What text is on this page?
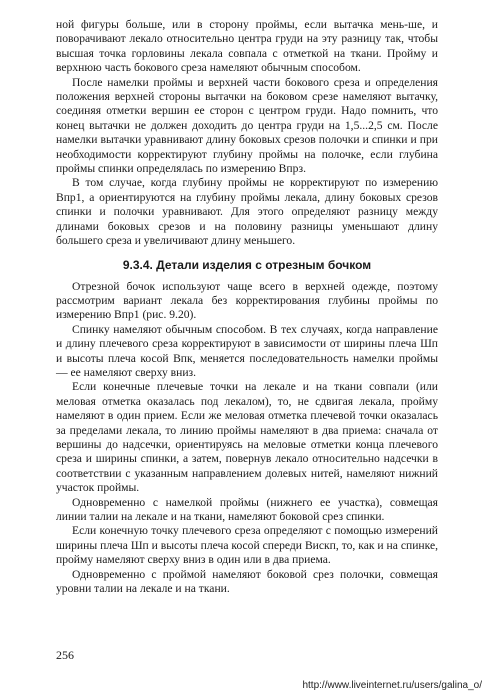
ной фигуры больше, или в сторону проймы, если вытачка мень-ше, и поворачивают лекало относительно центра груди на эту разницу так, чтобы высшая точка горловины лекала совпала с отметкой на ткани. Пройму и верхнюю часть бокового среза намеляют обычным способом.

После намелки проймы и верхней части бокового среза и определения положения верхней стороны вытачки на боковом срезе намеляют вытачку, соединяя отметки вершин ее сторон с центром груди. Надо помнить, что конец вытачки не должен доходить до центра груди на 1,5...2,5 см. После намелки вытачки уравнивают длину боковых срезов полочки и спинки и при необходимости корректируют глубину проймы на полочке, если глубина проймы спинки определялась по измерению Впрз.

В том случае, когда глубину проймы не корректируют по измерению Впр1, а ориентируются на глубину проймы лекала, длину боковых срезов спинки и полочки уравнивают. Для этого определяют разницу между длинами боковых срезов и на половину разницы уменьшают длину большего среза и увеличивают длину меньшего.

9.3.4. Детали изделия с отрезным бочком

Отрезной бочок используют чаще всего в верхней одежде, поэтому рассмотрим вариант лекала без корректирования глубины проймы по измерению Впр1 (рис. 9.20).

Спинку намеляют обычным способом. В тех случаях, когда направление и длину плечевого среза корректируют в зависимости от ширины плеча Шп и высоты плеча косой Впк, меняется последовательность намелки проймы — ее намеляют сверху вниз.

Если конечные плечевые точки на лекале и на ткани совпали (или меловая отметка оказалась под лекалом), то, не сдвигая лекала, пройму намеляют в один прием. Если же меловая отметка плечевой точки оказалась за пределами лекала, то линию проймы намеляют в два приема: сначала от вершины до надсечки, ориентируясь на меловые отметки конца плечевого среза и ширины спинки, а затем, повернув лекало относительно надсечки в соответствии с указанным направлением долевых нитей, намеляют нижний участок проймы.

Одновременно с намелкой проймы (нижнего ее участка), совмещая линии талии на лекале и на ткани, намеляют боковой срез спинки.

Если конечную точку плечевого среза определяют с помощью измерений ширины плеча Шп и высоты плеча косой спереди Вискп, то, как и на спинке, пройму намеляют сверху вниз в один или в два приема.

Одновременно с проймой намеляют боковой срез полочки, совмещая уровни талии на лекале и на ткани.

256
http://www.liveinternet.ru/users/galina_o/
